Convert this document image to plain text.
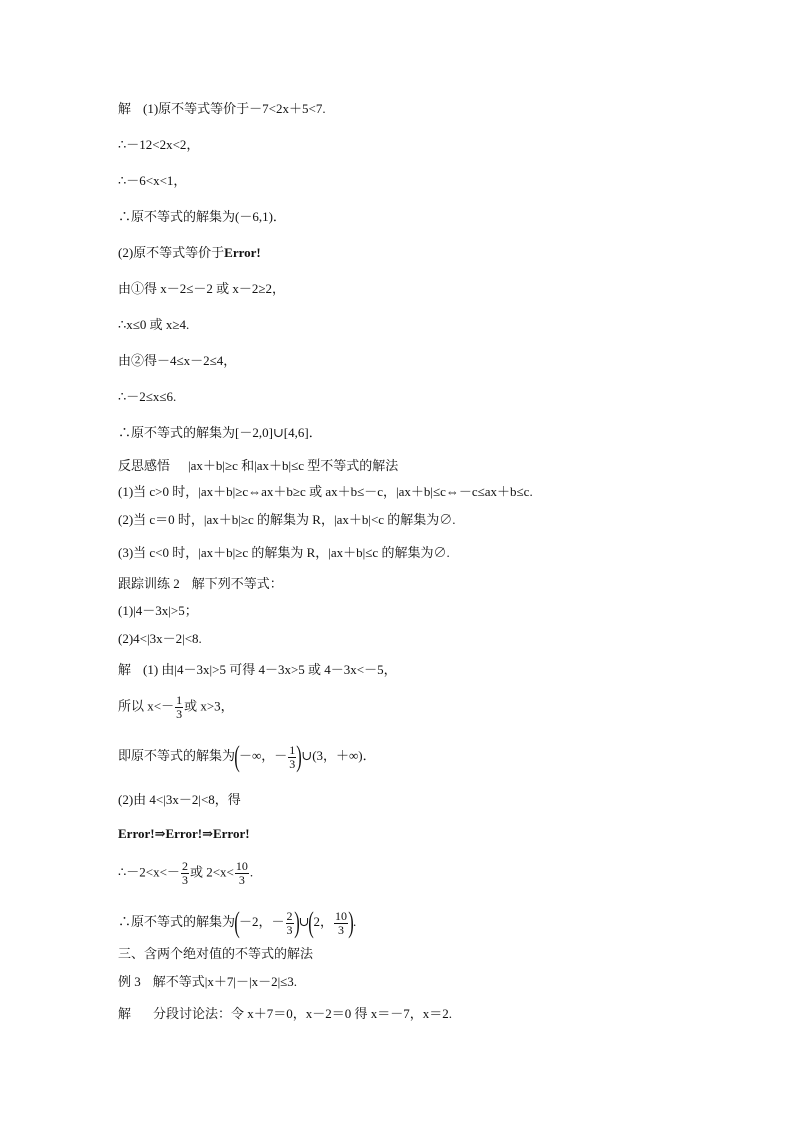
解 (1)原不等式等价于－7<2x＋5<7.
∴－12<2x<2，
∴－6<x<1，
∴原不等式的解集为(－6,1)．
(2)原不等式等价于Error!
由①得 x－2≤－2 或 x－2≥2，
∴x≤0 或 x≥4.
由②得－4≤x－2≤4，
∴－2≤x≤6.
∴原不等式的解集为[－2,0]∪[4,6]．
反思感悟 |ax＋b|≥c 和|ax＋b|≤c 型不等式的解法
(1)当 c>0 时，|ax＋b|≥c⇔ax＋b≥c 或 ax＋b≤－c，|ax＋b|≤c⇔－c≤ax＋b≤c.
(2)当 c＝0 时，|ax＋b|≥c 的解集为 R，|ax＋b|<c 的解集为∅.
(3)当 c<0 时，|ax＋b|≥c 的解集为 R，|ax＋b|≤c 的解集为∅.
跟踪训练 2 解下列不等式：
(1)|4－3x|>5；
(2)4<|3x－2|<8.
解 (1) 由|4－3x|>5 可得 4－3x>5 或 4－3x<－5，
所以 $x<- \frac{1}{3}$ 或 x>3，
即原不等式的解集为(－∞，－ $\frac{1}{3}$ )∪(3，＋∞)．
(2)由 4<|3x－2|<8，得
Error!⇒Error!⇒Error!
∴－2<x<－ $\frac{2}{3}$ 或 $2<x< \frac{10}{3}$ .
∴原不等式的解集为(－2，－ $\frac{2}{3}$ )∪(2， $\frac{10}{3}$ ).
三、含两个绝对值的不等式的解法
例 3 解不等式|x＋7|－|x－2|≤3.
解 分段讨论法：令 x＋7＝0，x－2＝0 得 x＝－7，x＝2.
